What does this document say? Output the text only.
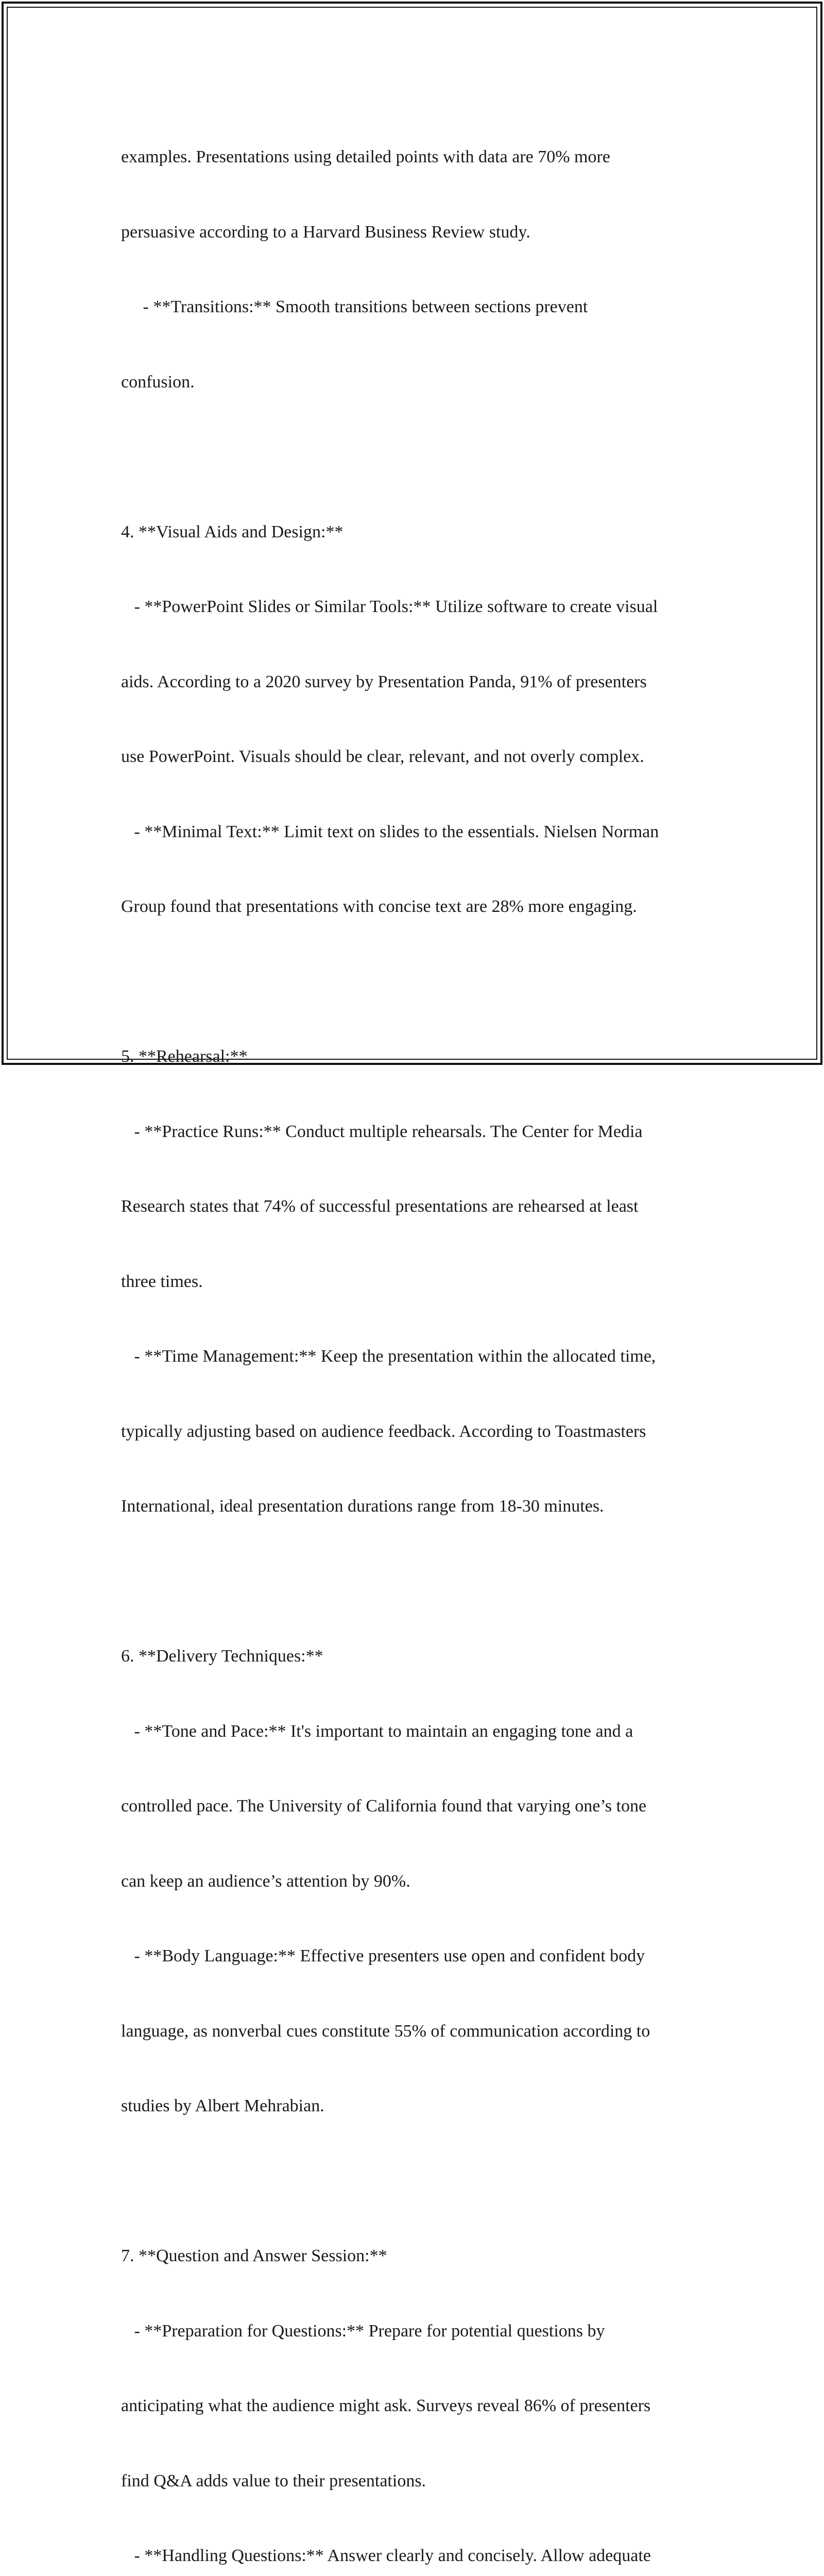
examples. Presentations using detailed points with data are 70% more

persuasive according to a Harvard Business Review study.

- **Transitions:** Smooth transitions between sections prevent

confusion.

4. **Visual Aids and Design:**

- **PowerPoint Slides or Similar Tools:** Utilize software to create visual

aids. According to a 2020 survey by Presentation Panda, 91% of presenters

use PowerPoint. Visuals should be clear, relevant, and not overly complex.

- **Minimal Text:** Limit text on slides to the essentials. Nielsen Norman

Group found that presentations with concise text are 28% more engaging.

5. **Rehearsal:**

- **Practice Runs:** Conduct multiple rehearsals. The Center for Media

Research states that 74% of successful presentations are rehearsed at least

three times.

- **Time Management:** Keep the presentation within the allocated time,

typically adjusting based on audience feedback. According to Toastmasters

International, ideal presentation durations range from 18-30 minutes.

6. **Delivery Techniques:**

- **Tone and Pace:** It's important to maintain an engaging tone and a

controlled pace. The University of California found that varying one’s tone

can keep an audience’s attention by 90%.

- **Body Language:** Effective presenters use open and confident body

language, as nonverbal cues constitute 55% of communication according to

studies by Albert Mehrabian.

7. **Question and Answer Session:**

- **Preparation for Questions:** Prepare for potential questions by

anticipating what the audience might ask. Surveys reveal 86% of presenters

find Q&A adds value to their presentations.

- **Handling Questions:** Answer clearly and concisely. Allow adequate
